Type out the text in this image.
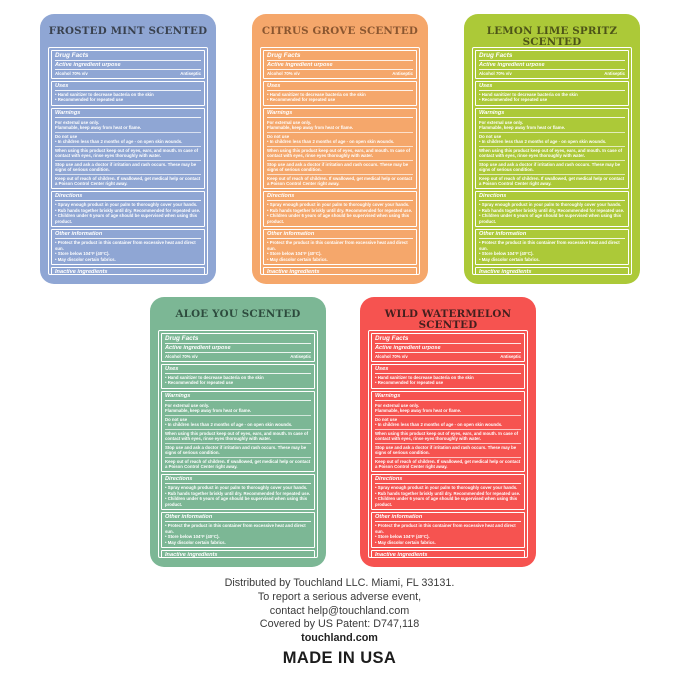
Distributed by Touchland LLC. Miami, FL 33131.
To report a serious adverse event,
contact help@touchland.com
Covered by US Patent: D747,118
touchland.com
MADE IN USA
FROSTED MINT SCENTED
Drug Facts
Active ingredient urpose
Alcohol 70% v/v	Antiseptic
Uses
• Hand sanitizer to decrease bacteria on the skin
• Recommended for repeated use
Warnings
For external use only.
Flammable, keep away from heat or flame.
Do not use
• In children less than 2 months of age - on open skin wounds.
When using this product keep out of eyes, ears, and mouth. In case of contact with eyes, rinse eyes thoroughly with water.
Stop use and ask a doctor if irritation and rash occurs. These may be signs of serious condition.
Keep out of reach of children. If swallowed, get medical help or contact a Poison Control Center right away.
Directions
• Spray enough product in your palm to thoroughly cover your hands.
• Rub hands together briskly until dry. Recommended for repeated use.
• Children under 6 years of age should be supervised when using this product.
Other information
• Protect the product in this container from excessive heat and direct sun.
• Store below 104°F (40°C).
• May discolor certain fabrics.
Inactive ingredients
CITRUS GROVE SCENTED
Drug Facts
Active ingredient urpose
Alcohol 70% v/v	Antiseptic
Uses
• Hand sanitizer to decrease bacteria on the skin
• Recommended for repeated use
Warnings
For external use only.
Flammable, keep away from heat or flame.
Do not use
• In children less than 2 months of age - on open skin wounds.
When using this product keep out of eyes, ears, and mouth. In case of contact with eyes, rinse eyes thoroughly with water.
Stop use and ask a doctor if irritation and rash occurs. These may be signs of serious condition.
Keep out of reach of children. If swallowed, get medical help or contact a Poison Control Center right away.
Directions
• Spray enough product in your palm to thoroughly cover your hands.
• Rub hands together briskly until dry. Recommended for repeated use.
• Children under 6 years of age should be supervised when using this product.
Other information
• Protect the product in this container from excessive heat and direct sun.
• Store below 104°F (40°C).
• May discolor certain fabrics.
Inactive ingredients
LEMON LIME SPRITZ SCENTED
Drug Facts
Active ingredient urpose
Alcohol 70% v/v	Antiseptic
Uses
• Hand sanitizer to decrease bacteria on the skin
• Recommended for repeated use
Warnings
For external use only.
Flammable, keep away from heat or flame.
Do not use
• In children less than 2 months of age - on open skin wounds.
When using this product keep out of eyes, ears, and mouth. In case of contact with eyes, rinse eyes thoroughly with water.
Stop use and ask a doctor if irritation and rash occurs. These may be signs of serious condition.
Keep out of reach of children. If swallowed, get medical help or contact a Poison Control Center right away.
Directions
• Spray enough product in your palm to thoroughly cover your hands.
• Rub hands together briskly until dry. Recommended for repeated use.
• Children under 6 years of age should be supervised when using this product.
Other information
• Protect the product in this container from excessive heat and direct sun.
• Store below 104°F (40°C).
• May discolor certain fabrics.
Inactive ingredients
ALOE YOU SCENTED
Drug Facts
Active ingredient urpose
Alcohol 70% v/v	Antiseptic
Uses
• Hand sanitizer to decrease bacteria on the skin
• Recommended for repeated use
Warnings
For external use only.
Flammable, keep away from heat or flame.
Do not use
• In children less than 2 months of age - on open skin wounds.
When using this product keep out of eyes, ears, and mouth. In case of contact with eyes, rinse eyes thoroughly with water.
Stop use and ask a doctor if irritation and rash occurs. These may be signs of serious condition.
Keep out of reach of children. If swallowed, get medical help or contact a Poison Control Center right away.
Directions
• Spray enough product in your palm to thoroughly cover your hands.
• Rub hands together briskly until dry. Recommended for repeated use.
• Children under 6 years of age should be supervised when using this product.
Other information
• Protect the product in this container from excessive heat and direct sun.
• Store below 104°F (40°C).
• May discolor certain fabrics.
Inactive ingredients
WILD WATERMELON SCENTED
Drug Facts
Active ingredient urpose
Alcohol 70% v/v	Antiseptic
Uses
• Hand sanitizer to decrease bacteria on the skin
• Recommended for repeated use
Warnings
For external use only.
Flammable, keep away from heat or flame.
Do not use
• In children less than 2 months of age - on open skin wounds.
When using this product keep out of eyes, ears, and mouth. In case of contact with eyes, rinse eyes thoroughly with water.
Stop use and ask a doctor if irritation and rash occurs. These may be signs of serious condition.
Keep out of reach of children. If swallowed, get medical help or contact a Poison Control Center right away.
Directions
• Spray enough product in your palm to thoroughly cover your hands.
• Rub hands together briskly until dry. Recommended for repeated use.
• Children under 6 years of age should be supervised when using this product.
Other information
• Protect the product in this container from excessive heat and direct sun.
• Store below 104°F (40°C).
• May discolor certain fabrics.
Inactive ingredients
